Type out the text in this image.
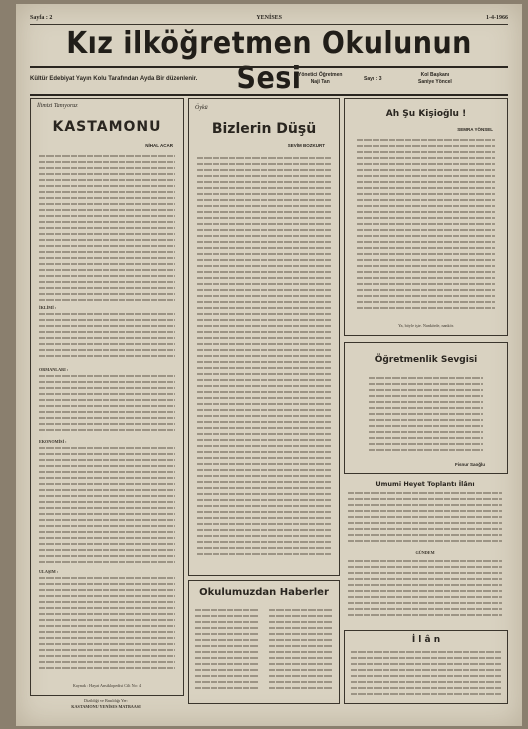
Sayfa : 2	YENİSES	1-4-1966
Kız ilköğretmen Okulunun Sesi
Kültür Edebiyat Yayın Kolu Tarafından Ayda Bir düzenlenir.
Yönetici Öğretmen
Naji Tan	Sayı : 3
Kol Başkanı
Saniye Yöncel
İlimizi Tanıyoruz
KASTAMONU
NİHAL ACAR
İKLİMİ :
ORMANLARI :
EKONOMİSİ :
ULAŞIM :
Kaynak : Hayat Ansiklopedisi Cilt No: 4
Dizildiği ve Basıldığı Yer:
KASTAMONU YENİSES MATBAASI
Öykü
Bizlerin Düşü
SEVİM BOZKURT
Okulumuzdan Haberler
Ah Şu Kişioğlu !
SEMRA YÖNSEL
Ya, böyle işte. Nankörde, nankör.
Öğretmenlik Sevgisi
Fisnur Saoğlu
Umumi Heyet Toplantı İlânı
GÜNDEM
İ l â n
